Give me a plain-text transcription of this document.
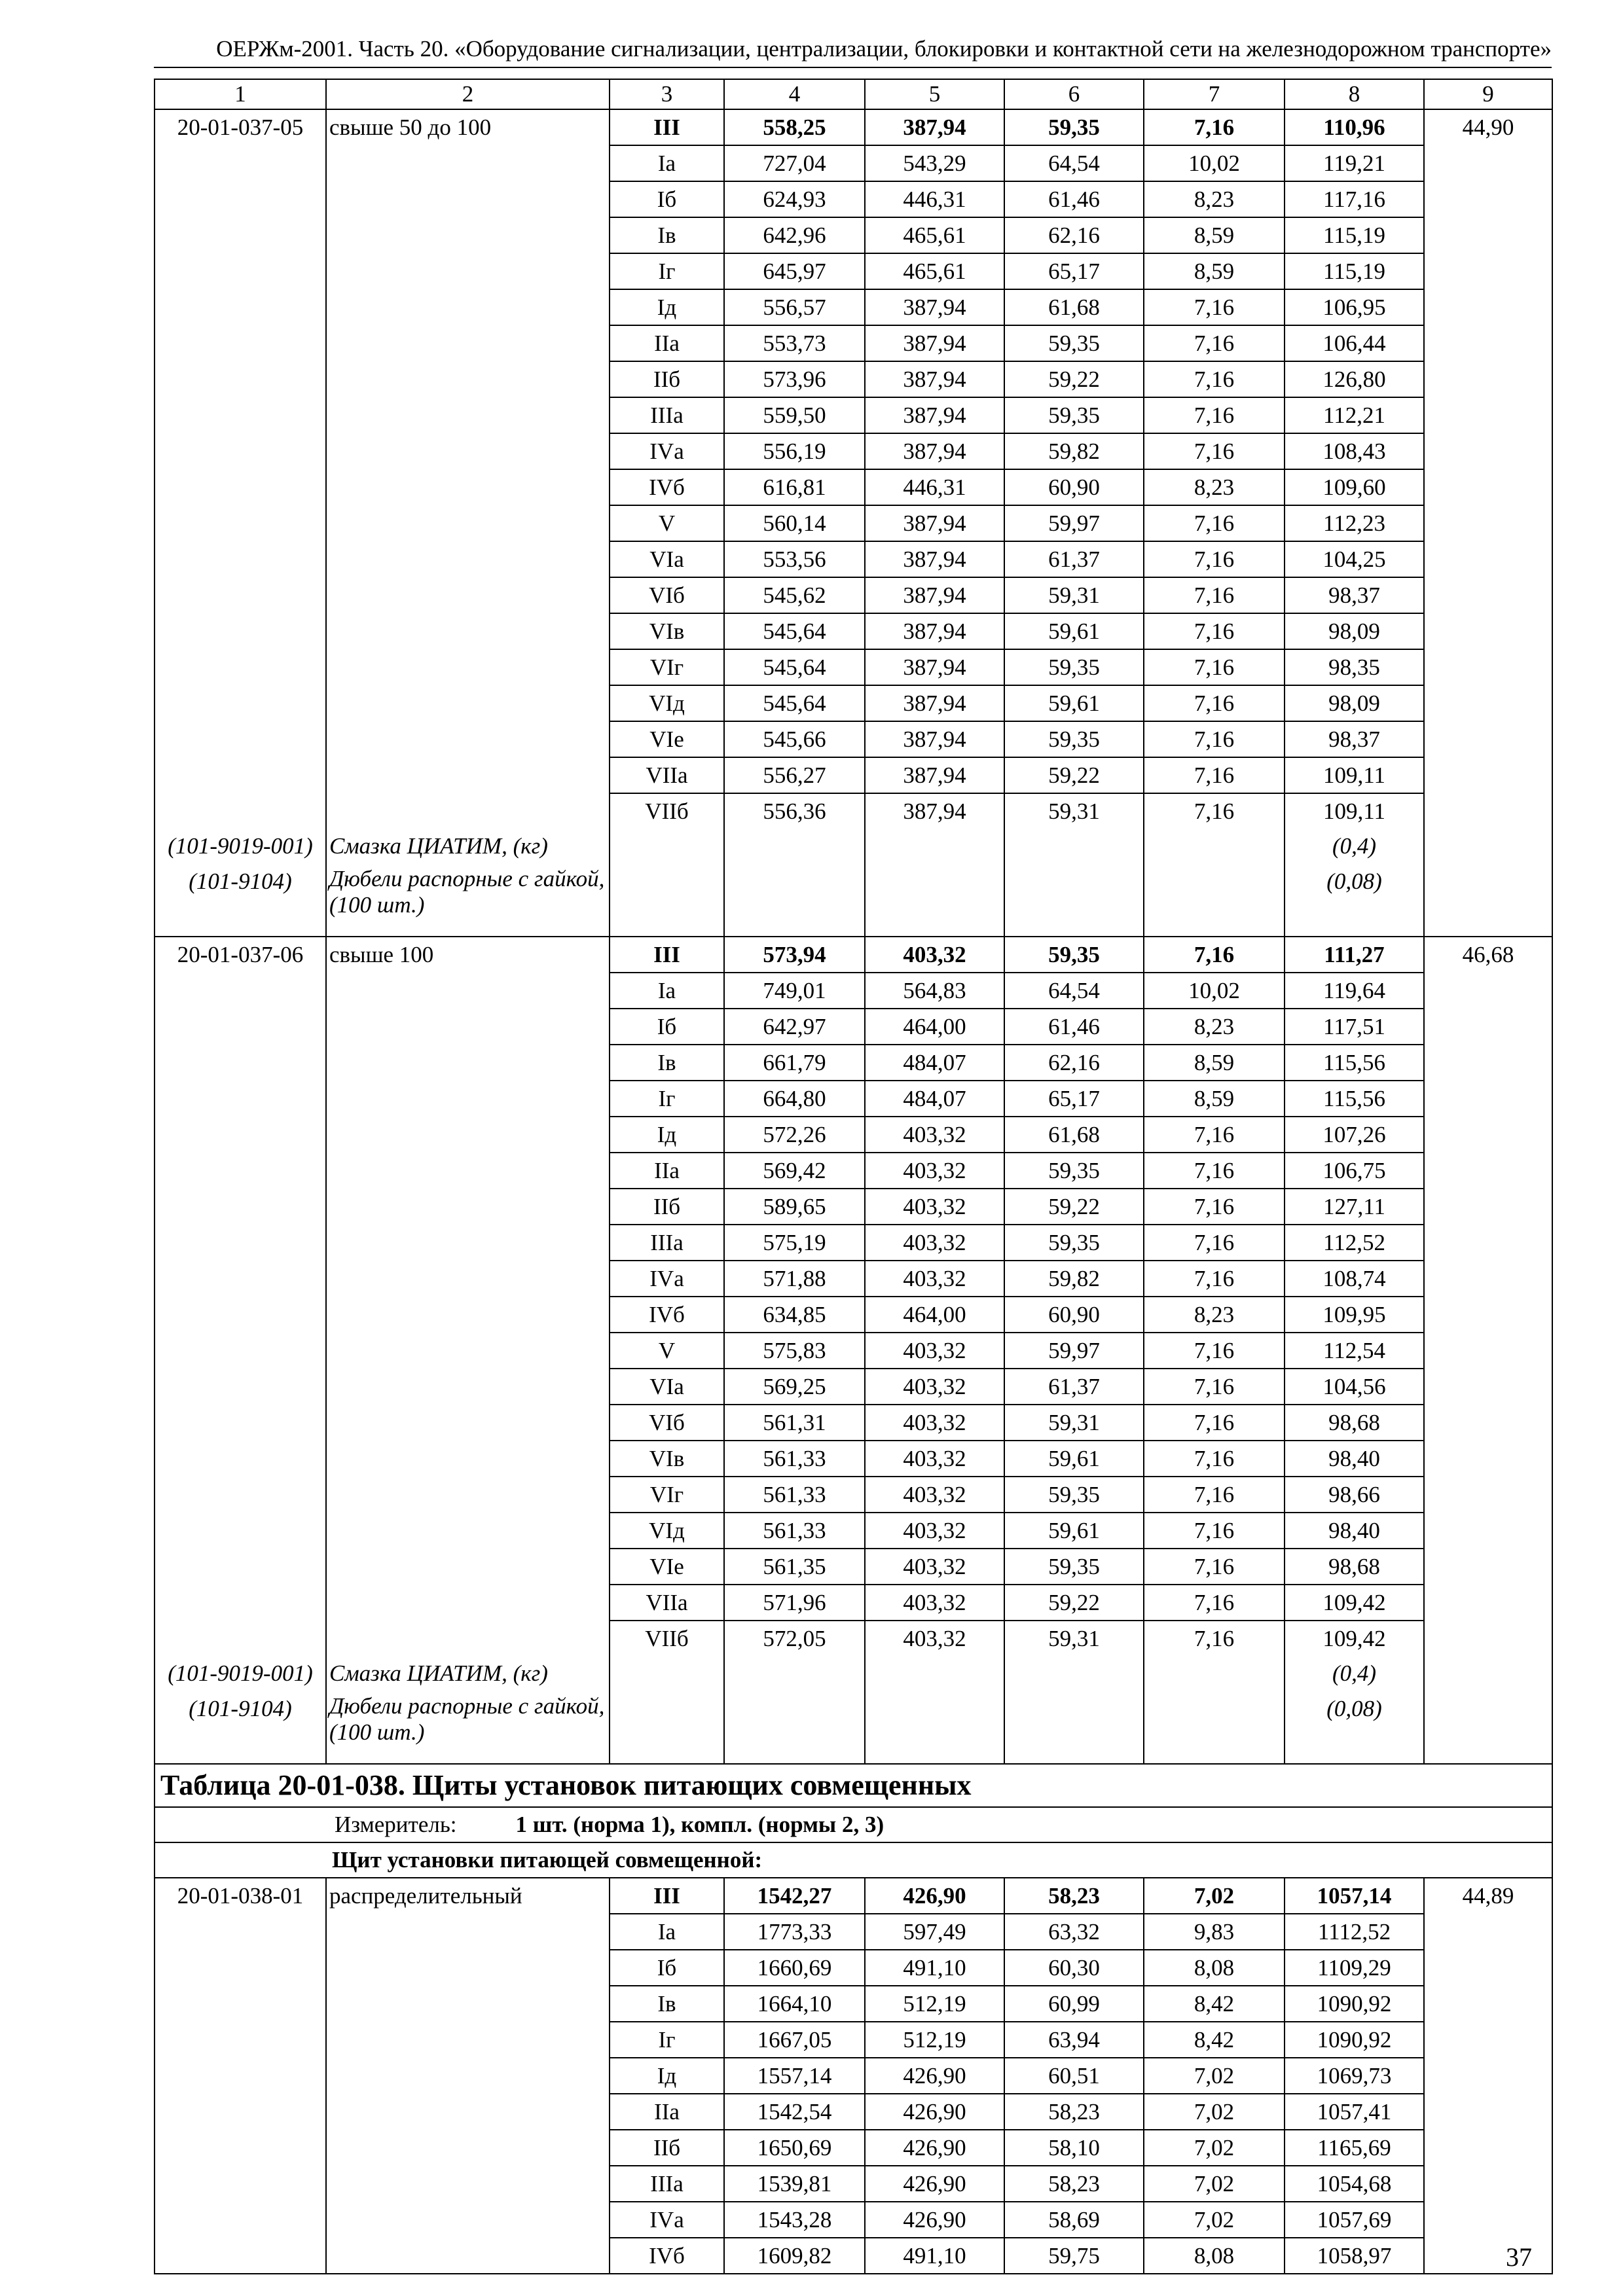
ОЕРЖм-2001. Часть 20. «Оборудование сигнализации, централизации, блокировки и контактной сети на железнодорожном транспорте»
1	2	3	4	5	6	7	8	9
20-01-037-05	свыше 50 до 100	III	558,25	387,94	59,35	7,16	110,96	44,90
		Iа	727,04	543,29	64,54	10,02	119,21	
		Iб	624,93	446,31	61,46	8,23	117,16	
		Iв	642,96	465,61	62,16	8,59	115,19	
		Iг	645,97	465,61	65,17	8,59	115,19	
		Iд	556,57	387,94	61,68	7,16	106,95	
		IIа	553,73	387,94	59,35	7,16	106,44	
		IIб	573,96	387,94	59,22	7,16	126,80	
		IIIа	559,50	387,94	59,35	7,16	112,21	
		IVа	556,19	387,94	59,82	7,16	108,43	
		IVб	616,81	446,31	60,90	8,23	109,60	
		V	560,14	387,94	59,97	7,16	112,23	
		VIа	553,56	387,94	61,37	7,16	104,25	
		VIб	545,62	387,94	59,31	7,16	98,37	
		VIв	545,64	387,94	59,61	7,16	98,09	
		VIг	545,64	387,94	59,35	7,16	98,35	
		VIд	545,64	387,94	59,61	7,16	98,09	
		VIе	545,66	387,94	59,35	7,16	98,37	
		VIIа	556,27	387,94	59,22	7,16	109,11	
		VIIб	556,36	387,94	59,31	7,16	109,11	
(101-9019-001)	Смазка ЦИАТИМ, (кг)						(0,4)	
(101-9104)	Дюбели распорные с гайкой, (100 шт.)						(0,08)	
20-01-037-06	свыше 100	III	573,94	403,32	59,35	7,16	111,27	46,68
		Iа	749,01	564,83	64,54	10,02	119,64	
		Iб	642,97	464,00	61,46	8,23	117,51	
		Iв	661,79	484,07	62,16	8,59	115,56	
		Iг	664,80	484,07	65,17	8,59	115,56	
		Iд	572,26	403,32	61,68	7,16	107,26	
		IIа	569,42	403,32	59,35	7,16	106,75	
		IIб	589,65	403,32	59,22	7,16	127,11	
		IIIа	575,19	403,32	59,35	7,16	112,52	
		IVа	571,88	403,32	59,82	7,16	108,74	
		IVб	634,85	464,00	60,90	8,23	109,95	
		V	575,83	403,32	59,97	7,16	112,54	
		VIа	569,25	403,32	61,37	7,16	104,56	
		VIб	561,31	403,32	59,31	7,16	98,68	
		VIв	561,33	403,32	59,61	7,16	98,40	
		VIг	561,33	403,32	59,35	7,16	98,66	
		VIд	561,33	403,32	59,61	7,16	98,40	
		VIе	561,35	403,32	59,35	7,16	98,68	
		VIIа	571,96	403,32	59,22	7,16	109,42	
		VIIб	572,05	403,32	59,31	7,16	109,42	
(101-9019-001)	Смазка ЦИАТИМ, (кг)						(0,4)	
(101-9104)	Дюбели распорные с гайкой, (100 шт.)						(0,08)	
Таблица 20-01-038. Щиты установок питающих совмещенных								
Измеритель: 1 шт. (норма 1), компл. (нормы 2, 3)								
Щит установки питающей совмещенной:								
20-01-038-01	распределительный	III	1542,27	426,90	58,23	7,02	1057,14	44,89
		Iа	1773,33	597,49	63,32	9,83	1112,52	
		Iб	1660,69	491,10	60,30	8,08	1109,29	
		Iв	1664,10	512,19	60,99	8,42	1090,92	
		Iг	1667,05	512,19	63,94	8,42	1090,92	
		Iд	1557,14	426,90	60,51	7,02	1069,73	
		IIа	1542,54	426,90	58,23	7,02	1057,41	
		IIб	1650,69	426,90	58,10	7,02	1165,69	
		IIIа	1539,81	426,90	58,23	7,02	1054,68	
		IVа	1543,28	426,90	58,69	7,02	1057,69	
		IVб	1609,82	491,10	59,75	8,08	1058,97		37
